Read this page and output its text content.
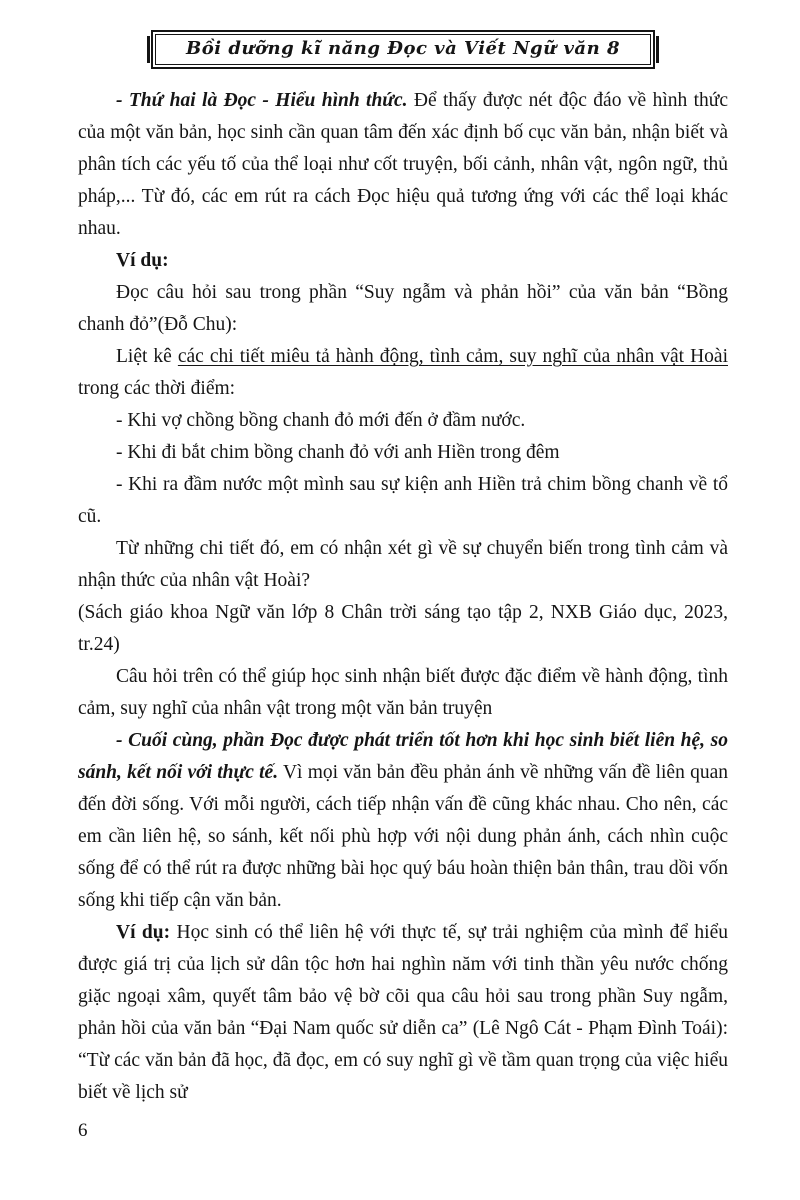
Bồi dưỡng kĩ năng Đọc và Viết Ngữ văn 8

- Thứ hai là Đọc - Hiểu hình thức. Để thấy được nét độc đáo về hình thức của một văn bản, học sinh cần quan tâm đến xác định bố cục văn bản, nhận biết và phân tích các yếu tố của thể loại như cốt truyện, bối cảnh, nhân vật, ngôn ngữ, thủ pháp,... Từ đó, các em rút ra cách Đọc hiệu quả tương ứng với các thể loại khác nhau.

Ví dụ:

Đọc câu hỏi sau trong phần “Suy ngẫm và phản hồi” của văn bản “Bồng chanh đỏ”(Đỗ Chu):

Liệt kê các chi tiết miêu tả hành động, tình cảm, suy nghĩ của nhân vật Hoài trong các thời điểm:

- Khi vợ chồng bồng chanh đỏ mới đến ở đầm nước.

- Khi đi bắt chim bồng chanh đỏ với anh Hiền trong đêm

- Khi ra đầm nước một mình sau sự kiện anh Hiền trả chim bồng chanh về tổ cũ.

Từ những chi tiết đó, em có nhận xét gì về sự chuyển biến trong tình cảm và nhận thức của nhân vật Hoài?

(Sách giáo khoa Ngữ văn lớp 8 Chân trời sáng tạo tập 2, NXB Giáo dục, 2023, tr.24)

Câu hỏi trên có thể giúp học sinh nhận biết được đặc điểm về hành động, tình cảm, suy nghĩ của nhân vật trong một văn bản truyện

- Cuối cùng, phần Đọc được phát triển tốt hơn khi học sinh biết liên hệ, so sánh, kết nối với thực tế. Vì mọi văn bản đều phản ánh về những vấn đề liên quan đến đời sống. Với mỗi người, cách tiếp nhận vấn đề cũng khác nhau. Cho nên, các em cần liên hệ, so sánh, kết nối phù hợp với nội dung phản ánh, cách nhìn cuộc sống để có thể rút ra được những bài học quý báu hoàn thiện bản thân, trau dồi vốn sống khi tiếp cận văn bản.

Ví dụ: Học sinh có thể liên hệ với thực tế, sự trải nghiệm của mình để hiểu được giá trị của lịch sử dân tộc hơn hai nghìn năm với tinh thần yêu nước chống giặc ngoại xâm, quyết tâm bảo vệ bờ cõi qua câu hỏi sau trong phần Suy ngẫm, phản hồi của văn bản “Đại Nam quốc sử diễn ca” (Lê Ngô Cát - Phạm Đình Toái): “Từ các văn bản đã học, đã đọc, em có suy nghĩ gì về tầm quan trọng của việc hiểu biết về lịch sử

6
